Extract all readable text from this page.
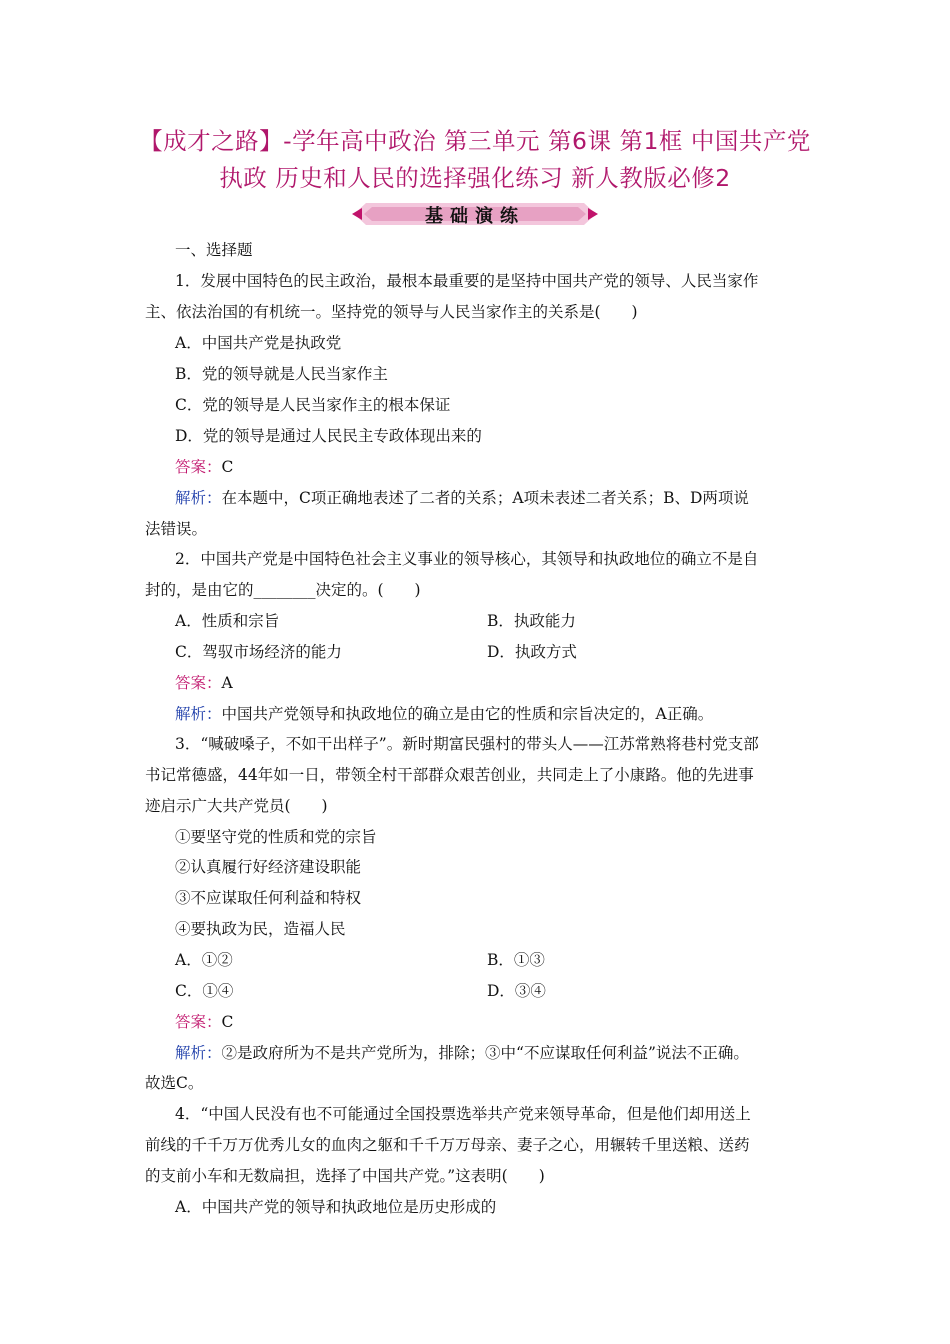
【成才之路】-学年高中政治 第三单元 第6课 第1框 中国共产党
执政 历史和人民的选择强化练习 新人教版必修2
基础演练
一、选择题
1．发展中国特色的民主政治，最根本最重要的是坚持中国共产党的领导、人民当家作
主、依法治国的有机统一。坚持党的领导与人民当家作主的关系是(　　)
A．中国共产党是执政党
B．党的领导就是人民当家作主
C．党的领导是人民当家作主的根本保证
D．党的领导是通过人民民主专政体现出来的
答案：C
解析：在本题中，C项正确地表述了二者的关系；A项未表述二者关系；B、D两项说
法错误。
2．中国共产党是中国特色社会主义事业的领导核心，其领导和执政地位的确立不是自
封的，是由它的________决定的。(　　)
A．性质和宗旨	B．执政能力
C．驾驭市场经济的能力	D．执政方式
答案：A
解析：中国共产党领导和执政地位的确立是由它的性质和宗旨决定的，A正确。
3．“喊破嗓子，不如干出样子”。新时期富民强村的带头人——江苏常熟将巷村党支部
书记常德盛，44年如一日，带领全村干部群众艰苦创业，共同走上了小康路。他的先进事
迹启示广大共产党员(　　)
①要坚守党的性质和党的宗旨
②认真履行好经济建设职能
③不应谋取任何利益和特权
④要执政为民，造福人民
A．①②	B．①③
C．①④	D．③④
答案：C
解析：②是政府所为不是共产党所为，排除；③中“不应谋取任何利益”说法不正确。
故选C。
4．“中国人民没有也不可能通过全国投票选举共产党来领导革命，但是他们却用送上
前线的千千万万优秀儿女的血肉之躯和千千万万母亲、妻子之心，用辗转千里送粮、送药
的支前小车和无数扁担，选择了中国共产党。”这表明(　　)
A．中国共产党的领导和执政地位是历史形成的
